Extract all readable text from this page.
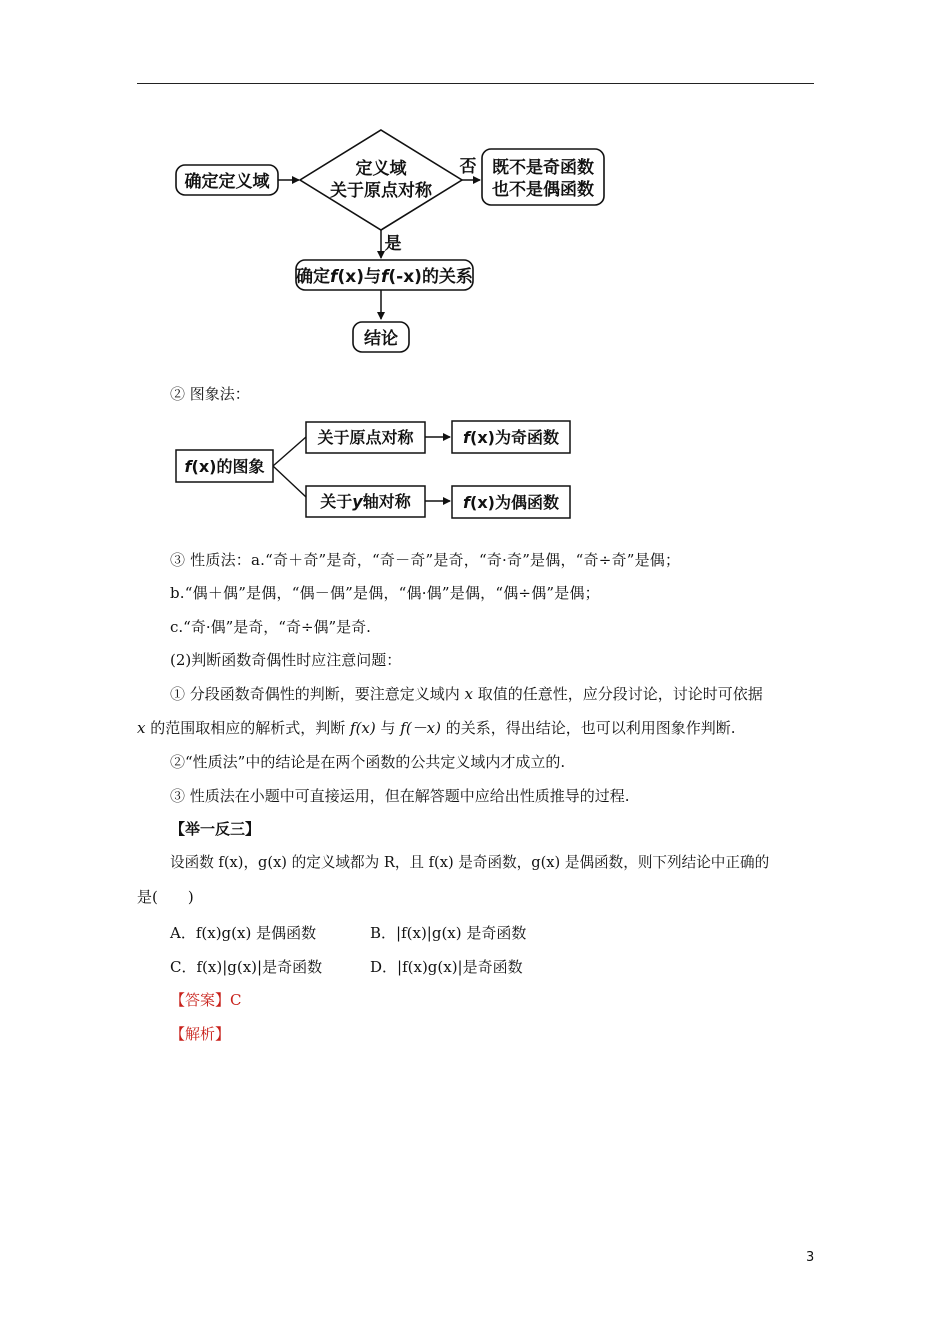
确定定义域
定义域
关于原点对称
否 既不是奇函数
也不是偶函数
是
确定f(x)与f(-x)的关系
结论
f(x)的图象
关于原点对称
关于y轴对称
f(x)为奇函数
f(x)为偶函数
② 图象法：
③ 性质法：a.“奇＋奇”是奇，“奇－奇”是奇，“奇·奇”是偶，“奇÷奇”是偶；
b.“偶＋偶”是偶，“偶－偶”是偶，“偶·偶”是偶，“偶÷偶”是偶；
c.“奇·偶”是奇，“奇÷偶”是奇.
(2)判断函数奇偶性时应注意问题：
① 分段函数奇偶性的判断，要注意定义域内 x 取值的任意性，应分段讨论，讨论时可依据
x 的范围取相应的解析式，判断 f(x) 与 f(－x) 的关系，得出结论，也可以利用图象作判断.
②“性质法”中的结论是在两个函数的公共定义域内才成立的.
③ 性质法在小题中可直接运用，但在解答题中应给出性质推导的过程.
【举一反三】
设函数 f(x)，g(x) 的定义域都为 R，且 f(x) 是奇函数，g(x) 是偶函数，则下列结论中正确的
是(　　)
A．f(x)g(x) 是偶函数	B．|f(x)|g(x) 是奇函数
C．f(x)|g(x)|是奇函数	D．|f(x)g(x)|是奇函数
【答案】C
【解析】
3
